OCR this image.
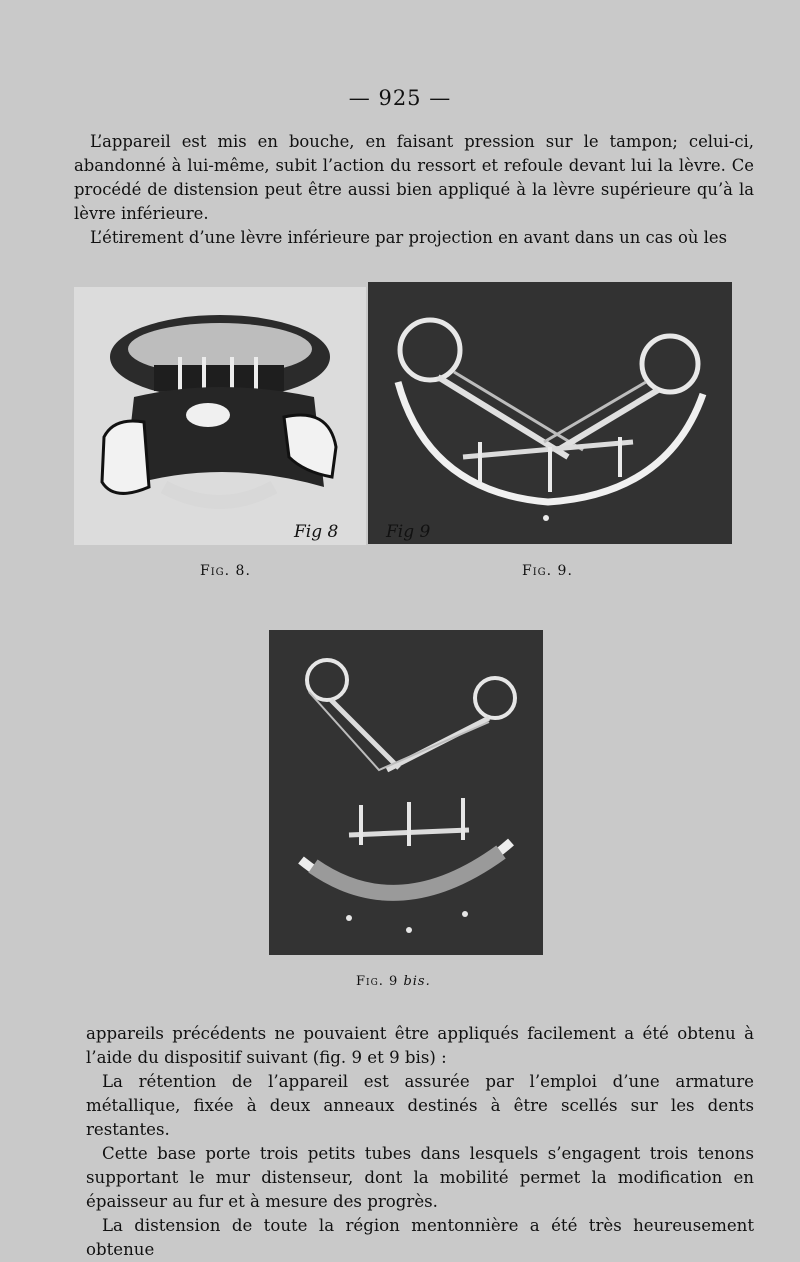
— 925 —

L’appareil est mis en bouche, en faisant pression sur le tampon; celui-ci, abandonné à lui-même, subit l’action du ressort et refoule devant lui la lèvre. Ce procédé de distension peut être aussi bien appliqué à la lèvre supérieure qu’à la lèvre inférieure.

L’étirement d’une lèvre inférieure par projection en avant dans un cas où les

Fig 8	Fig 9
Fig. 8.	Fig. 9.
Fig. 9 bis.

appareils précédents ne pouvaient être appliqués facilement a été obtenu à l’aide du dispositif suivant (fig. 9 et 9 bis) :

La rétention de l’appareil est assurée par l’emploi d’une armature métallique, fixée à deux anneaux destinés à être scellés sur les dents restantes.

Cette base porte trois petits tubes dans lesquels s’engagent trois tenons supportant le mur distenseur, dont la mobilité permet la modification en épaisseur au fur et à mesure des progrès.

La distension de toute la région mentonnière a été très heureusement obtenue
